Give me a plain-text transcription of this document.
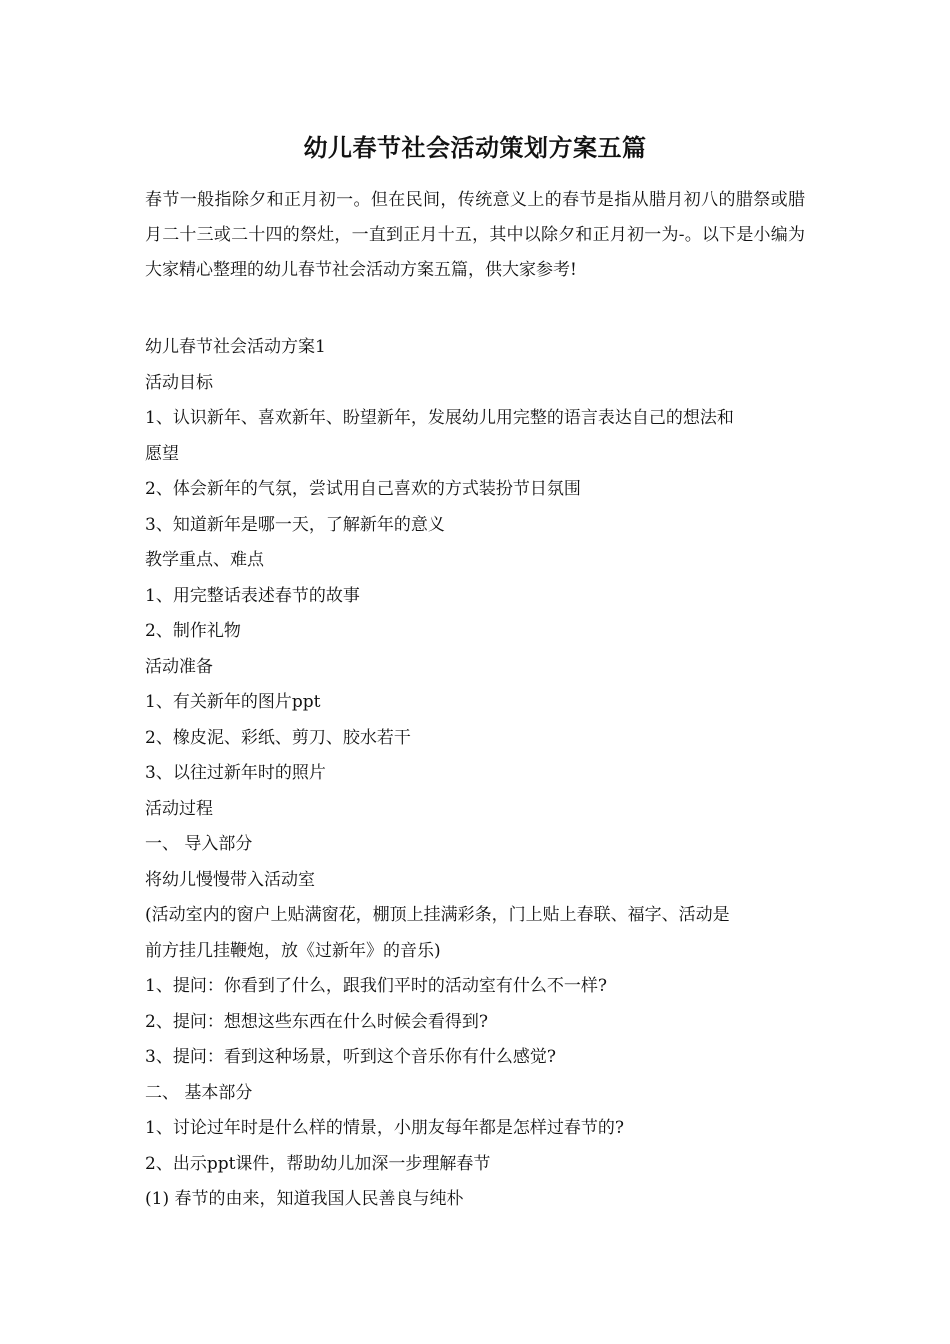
幼儿春节社会活动策划方案五篇

春节一般指除夕和正月初一。但在民间，传统意义上的春节是指从腊月初八的腊祭或腊月二十三或二十四的祭灶，一直到正月十五，其中以除夕和正月初一为-。以下是小编为大家精心整理的幼儿春节社会活动方案五篇，供大家参考!

幼儿春节社会活动方案1
活动目标
1、认识新年、喜欢新年、盼望新年，发展幼儿用完整的语言表达自己的想法和
愿望
2、体会新年的气氛，尝试用自己喜欢的方式装扮节日氛围
3、知道新年是哪一天，了解新年的意义
教学重点、难点
1、用完整话表述春节的故事
2、制作礼物
活动准备
1、有关新年的图片ppt
2、橡皮泥、彩纸、剪刀、胶水若干
3、以往过新年时的照片
活动过程
一、 导入部分
将幼儿慢慢带入活动室
(活动室内的窗户上贴满窗花，棚顶上挂满彩条，门上贴上春联、福字、活动是
前方挂几挂鞭炮，放《过新年》的音乐)
1、提问：你看到了什么，跟我们平时的活动室有什么不一样?
2、提问：想想这些东西在什么时候会看得到?
3、提问：看到这种场景，听到这个音乐你有什么感觉?
二、 基本部分
1、讨论过年时是什么样的情景，小朋友每年都是怎样过春节的?
2、出示ppt课件，帮助幼儿加深一步理解春节
(1) 春节的由来，知道我国人民善良与纯朴
